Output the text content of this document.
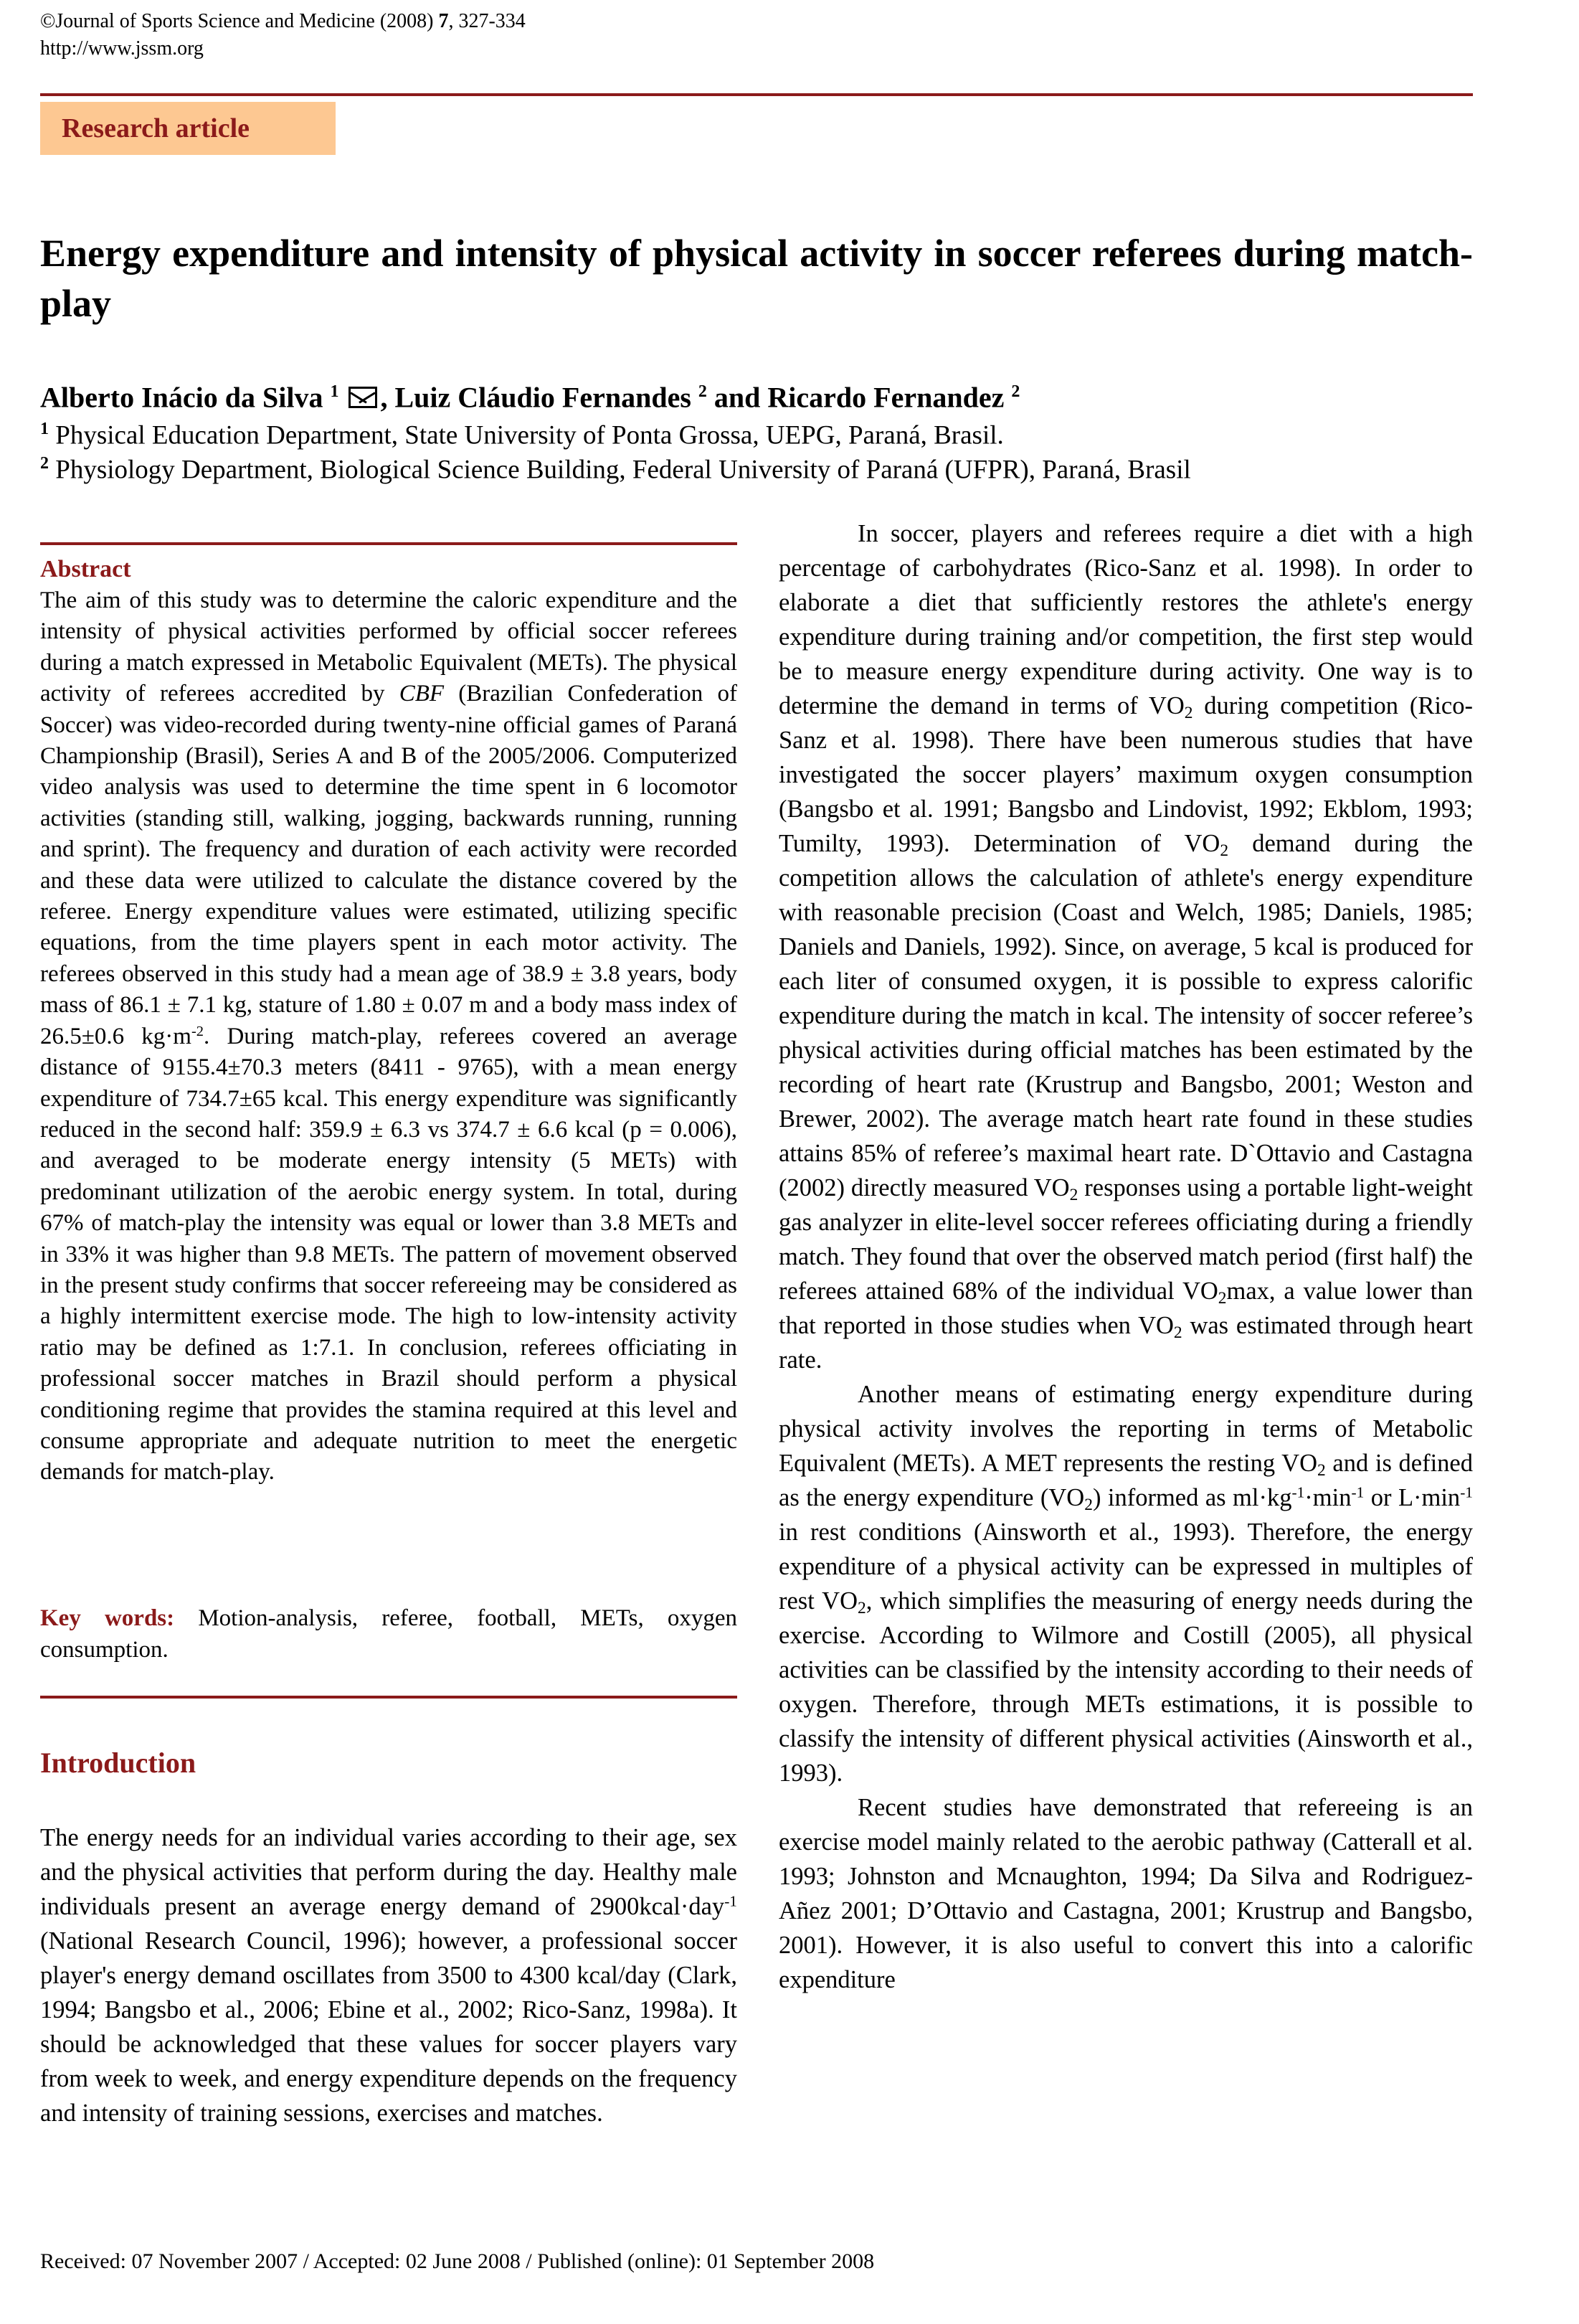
©Journal of Sports Science and Medicine (2008) 7, 327-334
http://www.jssm.org
Research article
Energy expenditure and intensity of physical activity in soccer referees during match-play
Alberto Inácio da Silva $^1$ , Luiz Cláudio Fernandes $^2$ and Ricardo Fernandez $^2$
$^1$ Physical Education Department, State University of Ponta Grossa, UEPG, Paraná, Brasil.
$^2$ Physiology Department, Biological Science Building, Federal University of Paraná (UFPR), Paraná, Brasil
Abstract
The aim of this study was to determine the caloric expenditure and the intensity of physical activities performed by official soccer referees during a match expressed in Metabolic Equivalent (METs). The physical activity of referees accredited by CBF (Brazilian Confederation of Soccer) was video-recorded during twenty-nine official games of Paraná Championship (Brasil), Series A and B of the 2005/2006. Computerized video analysis was used to determine the time spent in 6 locomotor activities (standing still, walking, jogging, backwards running, running and sprint). The frequency and duration of each activity were recorded and these data were utilized to calculate the distance covered by the referee. Energy expenditure values were estimated, utilizing specific equations, from the time players spent in each motor activity. The referees observed in this study had a mean age of 38.9 ± 3.8 years, body mass of 86.1 ± 7.1 kg, stature of 1.80 ± 0.07 m and a body mass index of 26.5±0.6 $kg\cdot m^{-2}$. During match-play, referees covered an average distance of 9155.4±70.3 meters (8411 - 9765), with a mean energy expenditure of 734.7±65 kcal. This energy expenditure was significantly reduced in the second half: 359.9 ± 6.3 vs 374.7 ± 6.6 kcal (p = 0.006), and averaged to be moderate energy intensity (5 METs) with predominant utilization of the aerobic energy system. In total, during 67% of match-play the intensity was equal or lower than 3.8 METs and in 33% it was higher than 9.8 METs. The pattern of movement observed in the present study confirms that soccer refereeing may be considered as a highly intermittent exercise mode. The high to low-intensity activity ratio may be defined as 1:7.1. In conclusion, referees officiating in professional soccer matches in Brazil should perform a physical conditioning regime that provides the stamina required at this level and consume appropriate and adequate nutrition to meet the energetic demands for match-play.
Key words: Motion-analysis, referee, football, METs, oxygen consumption.
Introduction

The energy needs for an individual varies according to their age, sex and the physical activities that perform during the day. Healthy male individuals present an average energy demand of 2900kcal·day$^{-1}$ (National Research Council, 1996); however, a professional soccer player's energy demand oscillates from 3500 to 4300 kcal/day (Clark, 1994; Bangsbo et al., 2006; Ebine et al., 2002; Rico-Sanz, 1998a). It should be acknowledged that these values for soccer players vary from week to week, and energy expenditure depends on the frequency and intensity of training sessions, exercises and matches.

In soccer, players and referees require a diet with a high percentage of carbohydrates (Rico-Sanz et al. 1998). In order to elaborate a diet that sufficiently restores the athlete's energy expenditure during training and/or competition, the first step would be to measure energy expenditure during activity. One way is to determine the demand in terms of $VO_2$ during competition (Rico-Sanz et al. 1998). There have been numerous studies that have investigated the soccer players’ maximum oxygen consumption (Bangsbo et al. 1991; Bangsbo and Lindovist, 1992; Ekblom, 1993; Tumilty, 1993). Determination of $VO_2$ demand during the competition allows the calculation of athlete's energy expenditure with reasonable precision (Coast and Welch, 1985; Daniels, 1985; Daniels and Daniels, 1992). Since, on average, 5 kcal is produced for each liter of consumed oxygen, it is possible to express calorific expenditure during the match in kcal. The intensity of soccer referee’s physical activities during official matches has been estimated by the recording of heart rate (Krustrup and Bangsbo, 2001; Weston and Brewer, 2002). The average match heart rate found in these studies attains 85% of referee’s maximal heart rate. D`Ottavio and Castagna (2002) directly measured $VO_2$ responses using a portable light-weight gas analyzer in elite-level soccer referees officiating during a friendly match. They found that over the observed match period (first half) the referees attained 68% of the individual $VO_2\max$, a value lower than that reported in those studies when $VO_2$ was estimated through heart rate.

Another means of estimating energy expenditure during physical activity involves the reporting in terms of Metabolic Equivalent (METs). A MET represents the resting $VO_2$ and is defined as the energy expenditure $(VO_2)$ informed as $ml\cdot kg^{-1}\cdot\min^{-1}$ or $L\cdot\min^{-1}$ in rest conditions (Ainsworth et al., 1993). Therefore, the energy expenditure of a physical activity can be expressed in multiples of rest $VO_2$, which simplifies the measuring of energy needs during the exercise. According to Wilmore and Costill (2005), all physical activities can be classified by the intensity according to their needs of oxygen. Therefore, through METs estimations, it is possible to classify the intensity of different physical activities (Ainsworth et al., 1993).

Recent studies have demonstrated that refereeing is an exercise model mainly related to the aerobic pathway (Catterall et al. 1993; Johnston and Mcnaughton, 1994; Da Silva and Rodriguez-Añez 2001; D’Ottavio and Castagna, 2001; Krustrup and Bangsbo, 2001). However, it is also useful to convert this into a calorific expenditure

Received: 07 November 2007 / Accepted: 02 June 2008 / Published (online): 01 September 2008
